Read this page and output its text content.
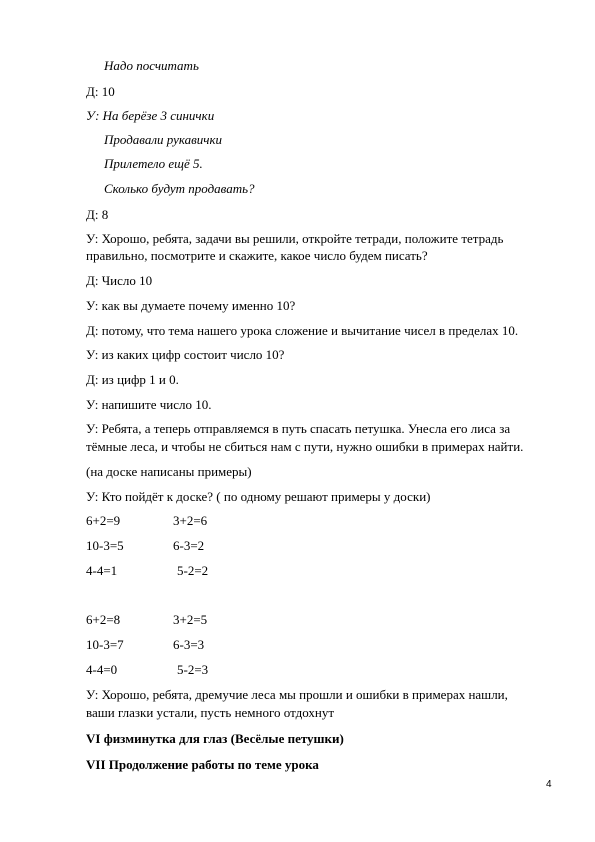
Надо посчитать
Д: 10
У: На берёзе 3 синички
Продавали рукавички
Прилетело ещё 5.
Сколько будут продавать?
Д: 8
У: Хорошо, ребята, задачи вы решили, откройте тетради, положите тетрадь
правильно, посмотрите и скажите, какое число будем писать?
Д: Число 10
У: как вы думаете почему именно 10?
Д: потому, что тема нашего урока сложение и вычитание чисел в пределах 10.
У: из каких цифр состоит число 10?
Д: из цифр 1 и 0.
У: напишите число 10.
У: Ребята, а теперь отправляемся в путь спасать петушка. Унесла его лиса за
тёмные леса, и чтобы не сбиться нам с пути, нужно ошибки в примерах найти.
(на доске написаны примеры)
У: Кто пойдёт к доске? ( по одному решают примеры у доски)
6+2=9	3+2=6
10-3=5	6-3=2
4-4=1	5-2=2
6+2=8	3+2=5
10-3=7	6-3=3
4-4=0	5-2=3
У: Хорошо, ребята, дремучие леса мы прошли и ошибки в примерах нашли,
ваши глазки устали, пусть немного отдохнут
VI физминутка для глаз (Весёлые петушки)
VII Продолжение работы по теме урока
4
